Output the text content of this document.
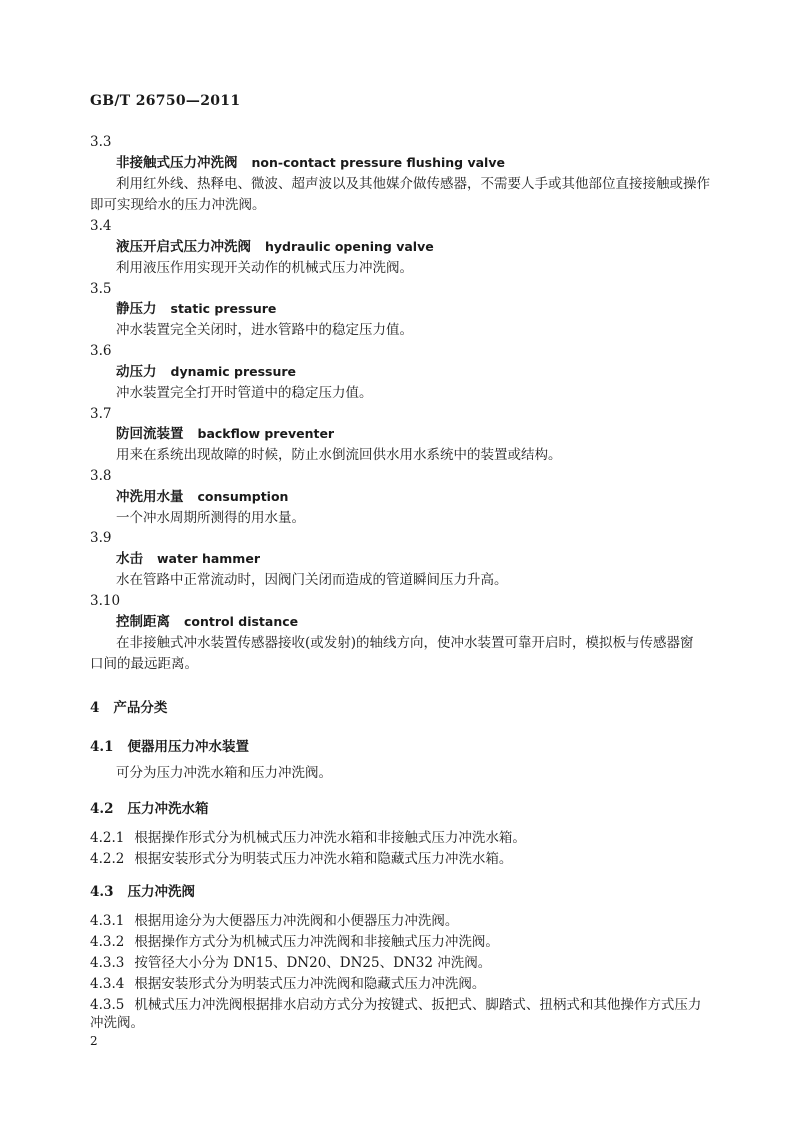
GB/T 26750—2011
3.3
非接触式压力冲洗阀 non-contact pressure flushing valve
利用红外线、热释电、微波、超声波以及其他媒介做传感器，不需要人手或其他部位直接接触或操作
即可实现给水的压力冲洗阀。
3.4
液压开启式压力冲洗阀 hydraulic opening valve
利用液压作用实现开关动作的机械式压力冲洗阀。
3.5
静压力 static pressure
冲水装置完全关闭时，进水管路中的稳定压力值。
3.6
动压力 dynamic pressure
冲水装置完全打开时管道中的稳定压力值。
3.7
防回流装置 backflow preventer
用来在系统出现故障的时候，防止水倒流回供水用水系统中的装置或结构。
3.8
冲洗用水量 consumption
一个冲水周期所测得的用水量。
3.9
水击 water hammer
水在管路中正常流动时，因阀门关闭而造成的管道瞬间压力升高。
3.10
控制距离 control distance
在非接触式冲水装置传感器接收(或发射)的轴线方向，使冲水装置可靠开启时，模拟板与传感器窗
口间的最远距离。
4 产品分类
4.1 便器用压力冲水装置
可分为压力冲洗水箱和压力冲洗阀。
4.2 压力冲洗水箱
4.2.1 根据操作形式分为机械式压力冲洗水箱和非接触式压力冲洗水箱。
4.2.2 根据安装形式分为明装式压力冲洗水箱和隐藏式压力冲洗水箱。
4.3 压力冲洗阀
4.3.1 根据用途分为大便器压力冲洗阀和小便器压力冲洗阀。
4.3.2 根据操作方式分为机械式压力冲洗阀和非接触式压力冲洗阀。
4.3.3 按管径大小分为 DN15、DN20、DN25、DN32 冲洗阀。
4.3.4 根据安装形式分为明装式压力冲洗阀和隐藏式压力冲洗阀。
4.3.5 机械式压力冲洗阀根据排水启动方式分为按键式、扳把式、脚踏式、扭柄式和其他操作方式压力
冲洗阀。
2
